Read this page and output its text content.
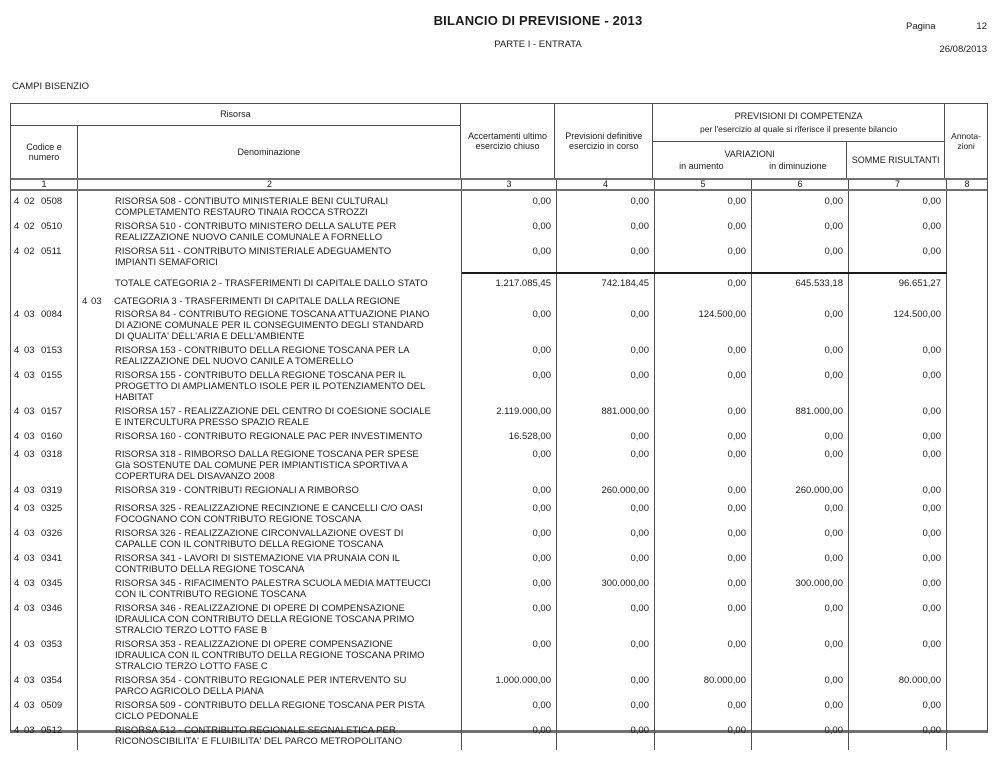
BILANCIO DI PREVISIONE - 2013
PARTE I - ENTRATA
Pagina	12
26/08/2013
CAMPI BISENZIO
Risorsa
Codice e numero
Denominazione
Accertamenti ultimo esercizio chiuso
Previsioni definitive esercizio in corso
PREVISIONI DI COMPETENZA
per l'esercizio al quale si riferisce il presente bilancio
VARIAZIONI
in aumento	in diminuzione
SOMME RISULTANTI
Annota-
zioni
1	2	3	4	5	6	7	8
4 02 0508	RISORSA 508 - CONTIBUTO MINISTERIALE BENI CULTURALI
COMPLETAMENTO RESTAURO TINAIA ROCCA STROZZI
0,00	0,00	0,00	0,00	0,00
4 02 0510	RISORSA 510 - CONTRIBUTO MINISTERO DELLA SALUTE PER
REALIZZAZIONE NUOVO CANILE COMUNALE A FORNELLO
0,00	0,00	0,00	0,00	0,00
4 02 0511	RISORSA 511 - CONTRIBUTO MINISTERIALE ADEGUAMENTO
IMPIANTI SEMAFORICI
0,00	0,00	0,00	0,00	0,00
TOTALE CATEGORIA 2 - TRASFERIMENTI DI CAPITALE DALLO STATO	1.217.085,45	742.184,45	0,00	645.533,18	96.651,27
4 03 CATEGORIA 3 - TRASFERIMENTI DI CAPITALE DALLA REGIONE
4 03 0084	RISORSA 84 - CONTRIBUTO REGIONE TOSCANA ATTUAZIONE PIANO
DI AZIONE COMUNALE PER IL CONSEGUIMENTO DEGLI STANDARD
DI QUALITA' DELL'ARIA E DELL'AMBIENTE
0,00	0,00	124.500,00	0,00	124.500,00
4 03 0153	RISORSA 153 - CONTRIBUTO DELLA REGIONE TOSCANA PER LA
REALIZZAZIONE DEL NUOVO CANILE A TOMERELLO
0,00	0,00	0,00	0,00	0,00
4 03 0155	RISORSA 155 - CONTRIBUTO DELLA REGIONE TOSCANA PER IL
PROGETTO DI AMPLIAMENTLO ISOLE PER IL POTENZIAMENTO DEL
HABITAT
0,00	0,00	0,00	0,00	0,00
4 03 0157	RISORSA 157 - REALIZZAZIONE DEL CENTRO DI COESIONE SOCIALE
E INTERCULTURA PRESSO SPAZIO REALE
2.119.000,00	881.000,00	0,00	881.000,00	0,00
4 03 0160	RISORSA 160 - CONTRIBUTO REGIONALE PAC PER INVESTIMENTO	16.528,00	0,00	0,00	0,00	0,00
4 03 0318	RISORSA 318 - RIMBORSO DALLA REGIONE TOSCANA PER SPESE
GIà SOSTENUTE DAL COMUNE PER IMPIANTISTICA SPORTIVA A
COPERTURA DEL DISAVANZO 2008
0,00	0,00	0,00	0,00	0,00
4 03 0319	RISORSA 319 - CONTRIBUTI REGIONALI A RIMBORSO	0,00	260.000,00	0,00	260.000,00	0,00
4 03 0325	RISORSA 325 - REALIZZAZIONE RECINZIONE E CANCELLI C/O OASI
FOCOGNANO CON CONTRIBUTO REGIONE TOSCANA
0,00	0,00	0,00	0,00	0,00
4 03 0326	RISORSA 326 - REALIZZAZIONE CIRCONVALLAZIONE OVEST DI
CAPALLE CON IL CONTRIBUTO DELLA REGIONE TOSCANA
0,00	0,00	0,00	0,00	0,00
4 03 0341	RISORSA 341 - LAVORI DI SISTEMAZIONE VIA PRUNAIA CON IL
CONTRIBUTO DELLA REGIONE TOSCANA
0,00	0,00	0,00	0,00	0,00
4 03 0345	RISORSA 345 - RIFACIMENTO PALESTRA SCUOLA MEDIA MATTEUCCI
CON IL CONTRIBUTO REGIONE TOSCANA
0,00	300.000,00	0,00	300.000,00	0,00
4 03 0346	RISORSA 346 - REALIZZAZIONE DI OPERE DI COMPENSAZIONE
IDRAULICA CON CONTRIBUTO DELLA REGIONE TOSCANA PRIMO
STRALCIO TERZO LOTTO FASE B
0,00	0,00	0,00	0,00	0,00
4 03 0353	RISORSA 353 - REALIZZAZIONE DI OPERE COMPENSAZIONE
IDRAULICA CON IL CONTRIBUTO DELLA REGIONE TOSCANA PRIMO
STRALCIO TERZO LOTTO FASE C
0,00	0,00	0,00	0,00	0,00
4 03 0354	RISORSA 354 - CONTRIBUTO REGIONALE PER INTERVENTO SU
PARCO AGRICOLO DELLA PIANA
1.000.000,00	0,00	80.000,00	0,00	80.000,00
4 03 0509	RISORSA 509 - CONTRIBUTO DELLA REGIONE TOSCANA PER PISTA
CICLO PEDONALE
0,00	0,00	0,00	0,00	0,00
4 03 0512	RISORSA 512 - CONTRIBUTO REGIONALE SEGNALETICA PER
RICONOSCIBILITA' E FLUIBILITA' DEL PARCO METROPOLITANO
0,00	0,00	0,00	0,00	0,00
